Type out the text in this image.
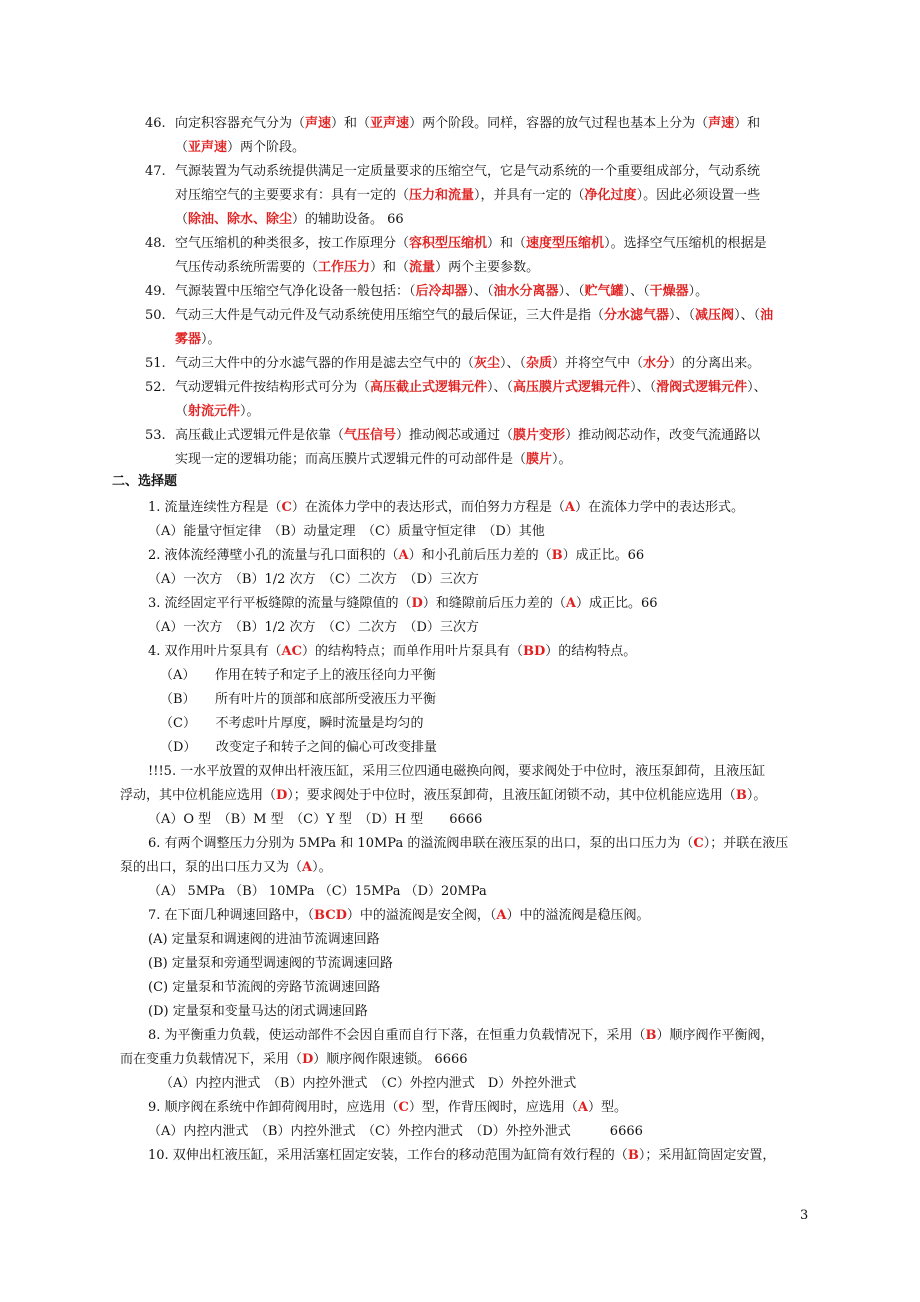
46. 向定积容器充气分为（声速）和（亚声速）两个阶段。同样，容器的放气过程也基本上分为（声速）和
（亚声速）两个阶段。
47. 气源装置为气动系统提供满足一定质量要求的压缩空气，它是气动系统的一个重要组成部分，气动系统
对压缩空气的主要要求有：具有一定的（压力和流量），并具有一定的（净化过度）。因此必须设置一些
（除油、除水、除尘）的辅助设备。 66
48. 空气压缩机的种类很多，按工作原理分（容积型压缩机）和（速度型压缩机）。选择空气压缩机的根据是
气压传动系统所需要的（工作压力）和（流量）两个主要参数。
49. 气源装置中压缩空气净化设备一般包括：（后冷却器）、（油水分离器）、（贮气罐）、（干燥器）。
50. 气动三大件是气动元件及气动系统使用压缩空气的最后保证，三大件是指（分水滤气器）、（减压阀）、（油
雾器）。
51. 气动三大件中的分水滤气器的作用是滤去空气中的（灰尘）、（杂质）并将空气中（水分）的分离出来。
52. 气动逻辑元件按结构形式可分为（高压截止式逻辑元件）、（高压膜片式逻辑元件）、（滑阀式逻辑元件）、
（射流元件）。
53. 高压截止式逻辑元件是依靠（气压信号）推动阀芯或通过（膜片变形）推动阀芯动作，改变气流通路以
实现一定的逻辑功能；而高压膜片式逻辑元件的可动部件是（膜片）。
二、选择题
1. 流量连续性方程是（C）在流体力学中的表达形式，而伯努力方程是（A）在流体力学中的表达形式。
（A）能量守恒定律　（B）动量定理　（C）质量守恒定律　（D）其他
2. 液体流经薄壁小孔的流量与孔口面积的（A）和小孔前后压力差的（B）成正比。66
（A）一次方　（B）1/2 次方　（C）二次方　（D）三次方
3. 流经固定平行平板缝隙的流量与缝隙值的（D）和缝隙前后压力差的（A）成正比。66
（A）一次方　（B）1/2 次方　（C）二次方　（D）三次方
4. 双作用叶片泵具有（AC）的结构特点；而单作用叶片泵具有（BD）的结构特点。
（A）　　作用在转子和定子上的液压径向力平衡
（B）　　所有叶片的顶部和底部所受液压力平衡
（C）　　不考虑叶片厚度，瞬时流量是均匀的
（D）　　改变定子和转子之间的偏心可改变排量
!!!5. 一水平放置的双伸出杆液压缸，采用三位四通电磁换向阀，要求阀处于中位时，液压泵卸荷，且液压缸
浮动，其中位机能应选用（D）；要求阀处于中位时，液压泵卸荷，且液压缸闭锁不动，其中位机能应选用（B）。
（A）O 型　（B）M 型　（C）Y 型　（D）H 型　　6666
6. 有两个调整压力分别为 5MPa 和 10MPa 的溢流阀串联在液压泵的出口，泵的出口压力为（C）；并联在液压
泵的出口，泵的出口压力又为（A）。
（A） 5MPa （B） 10MPa （C）15MPa （D）20MPa
7. 在下面几种调速回路中，（BCD）中的溢流阀是安全阀，（A）中的溢流阀是稳压阀。
(A) 定量泵和调速阀的进油节流调速回路
(B) 定量泵和旁通型调速阀的节流调速回路
(C) 定量泵和节流阀的旁路节流调速回路
(D) 定量泵和变量马达的闭式调速回路
8. 为平衡重力负载，使运动部件不会因自重而自行下落，在恒重力负载情况下，采用（B）顺序阀作平衡阀，
而在变重力负载情况下，采用（D）顺序阀作限速锁。 6666
（A）内控内泄式　（B）内控外泄式　（C）外控内泄式　D）外控外泄式
9. 顺序阀在系统中作卸荷阀用时，应选用（C）型，作背压阀时，应选用（A）型。
（A）内控内泄式　（B）内控外泄式　（C）外控内泄式　（D）外控外泄式　　　6666
10. 双伸出杠液压缸，采用活塞杠固定安装，工作台的移动范围为缸筒有效行程的（B）；采用缸筒固定安置，
3
